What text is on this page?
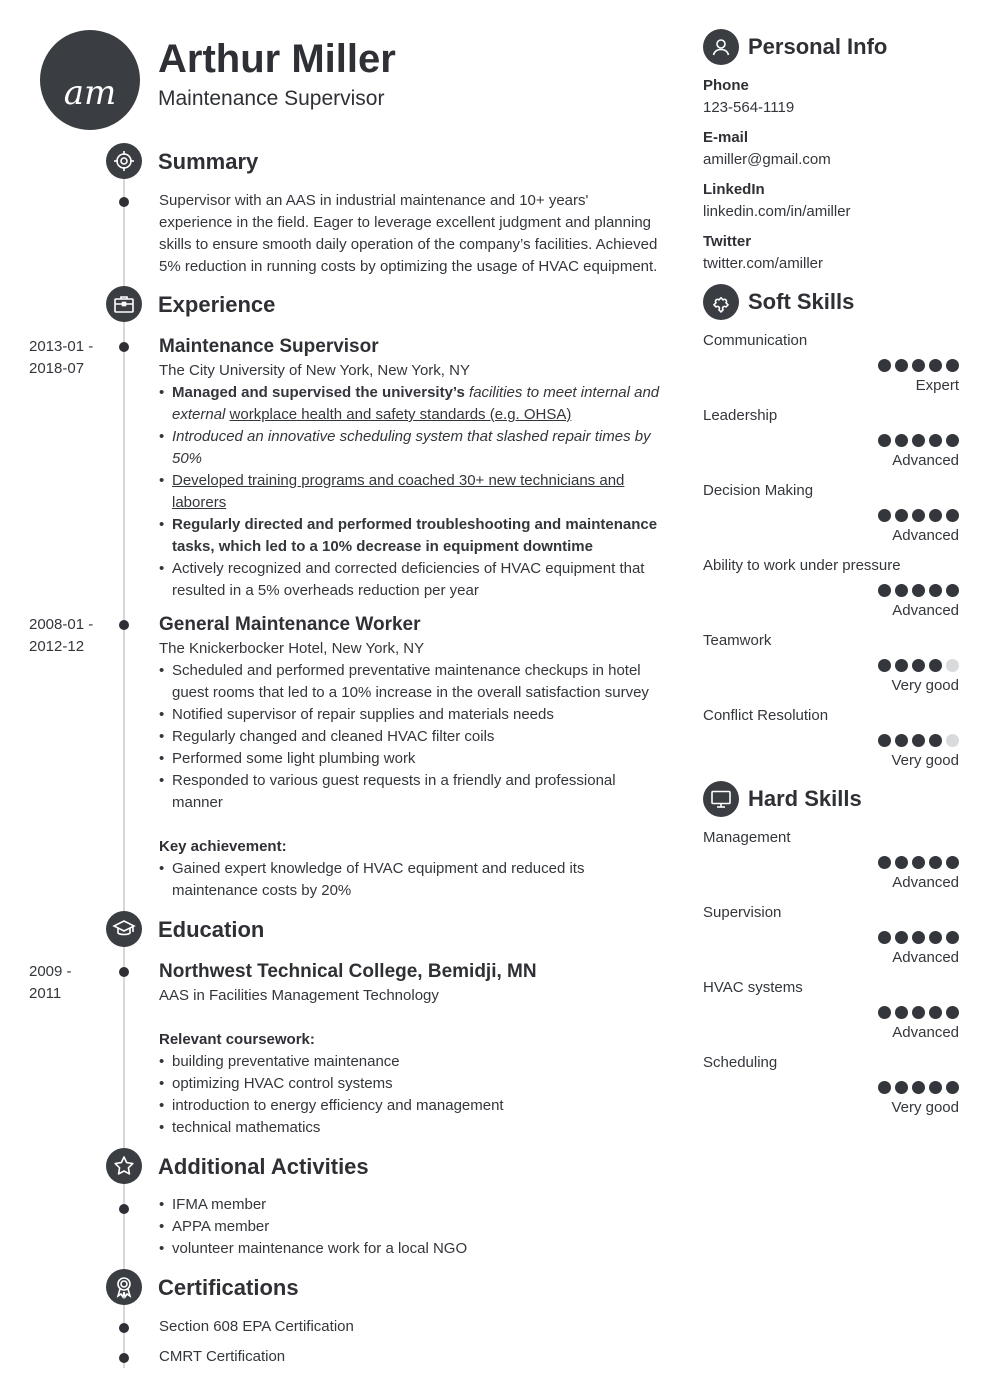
am
Arthur Miller
Maintenance Supervisor
Summary
Supervisor with an AAS in industrial maintenance and 10+ years'
experience in the field. Eager to leverage excellent judgment and planning
skills to ensure smooth daily operation of the company’s facilities. Achieved
5% reduction in running costs by optimizing the usage of HVAC equipment.
Experience
2013-01 -
2018-07
Maintenance Supervisor
The City University of New York, New York, NY
• Managed and supervised the university’s facilities to meet internal and external workplace health and safety standards (e.g. OHSA)
• Introduced an innovative scheduling system that slashed repair times by 50%
• Developed training programs and coached 30+ new technicians and laborers
• Regularly directed and performed troubleshooting and maintenance tasks, which led to a 10% decrease in equipment downtime
• Actively recognized and corrected deficiencies of HVAC equipment that resulted in a 5% overheads reduction per year
2008-01 -
2012-12
General Maintenance Worker
The Knickerbocker Hotel, New York, NY
• Scheduled and performed preventative maintenance checkups in hotel guest rooms that led to a 10% increase in the overall satisfaction survey
• Notified supervisor of repair supplies and materials needs
• Regularly changed and cleaned HVAC filter coils
• Performed some light plumbing work
• Responded to various guest requests in a friendly and professional manner
Key achievement:
• Gained expert knowledge of HVAC equipment and reduced its maintenance costs by 20%
Education
2009 -
2011
Northwest Technical College, Bemidji, MN
AAS in Facilities Management Technology
Relevant coursework:
• building preventative maintenance
• optimizing HVAC control systems
• introduction to energy efficiency and management
• technical mathematics
Additional Activities
• IFMA member
• APPA member
• volunteer maintenance work for a local NGO
Certifications
Section 608 EPA Certification
CMRT Certification
Personal Info
Phone
123-564-1119
E-mail
amiller@gmail.com
LinkedIn
linkedin.com/in/amiller
Twitter
twitter.com/amiller
Soft Skills
Communication
Expert
Leadership
Advanced
Decision Making
Advanced
Ability to work under pressure
Advanced
Teamwork
Very good
Conflict Resolution
Very good
Hard Skills
Management
Advanced
Supervision
Advanced
HVAC systems
Advanced
Scheduling
Very good
